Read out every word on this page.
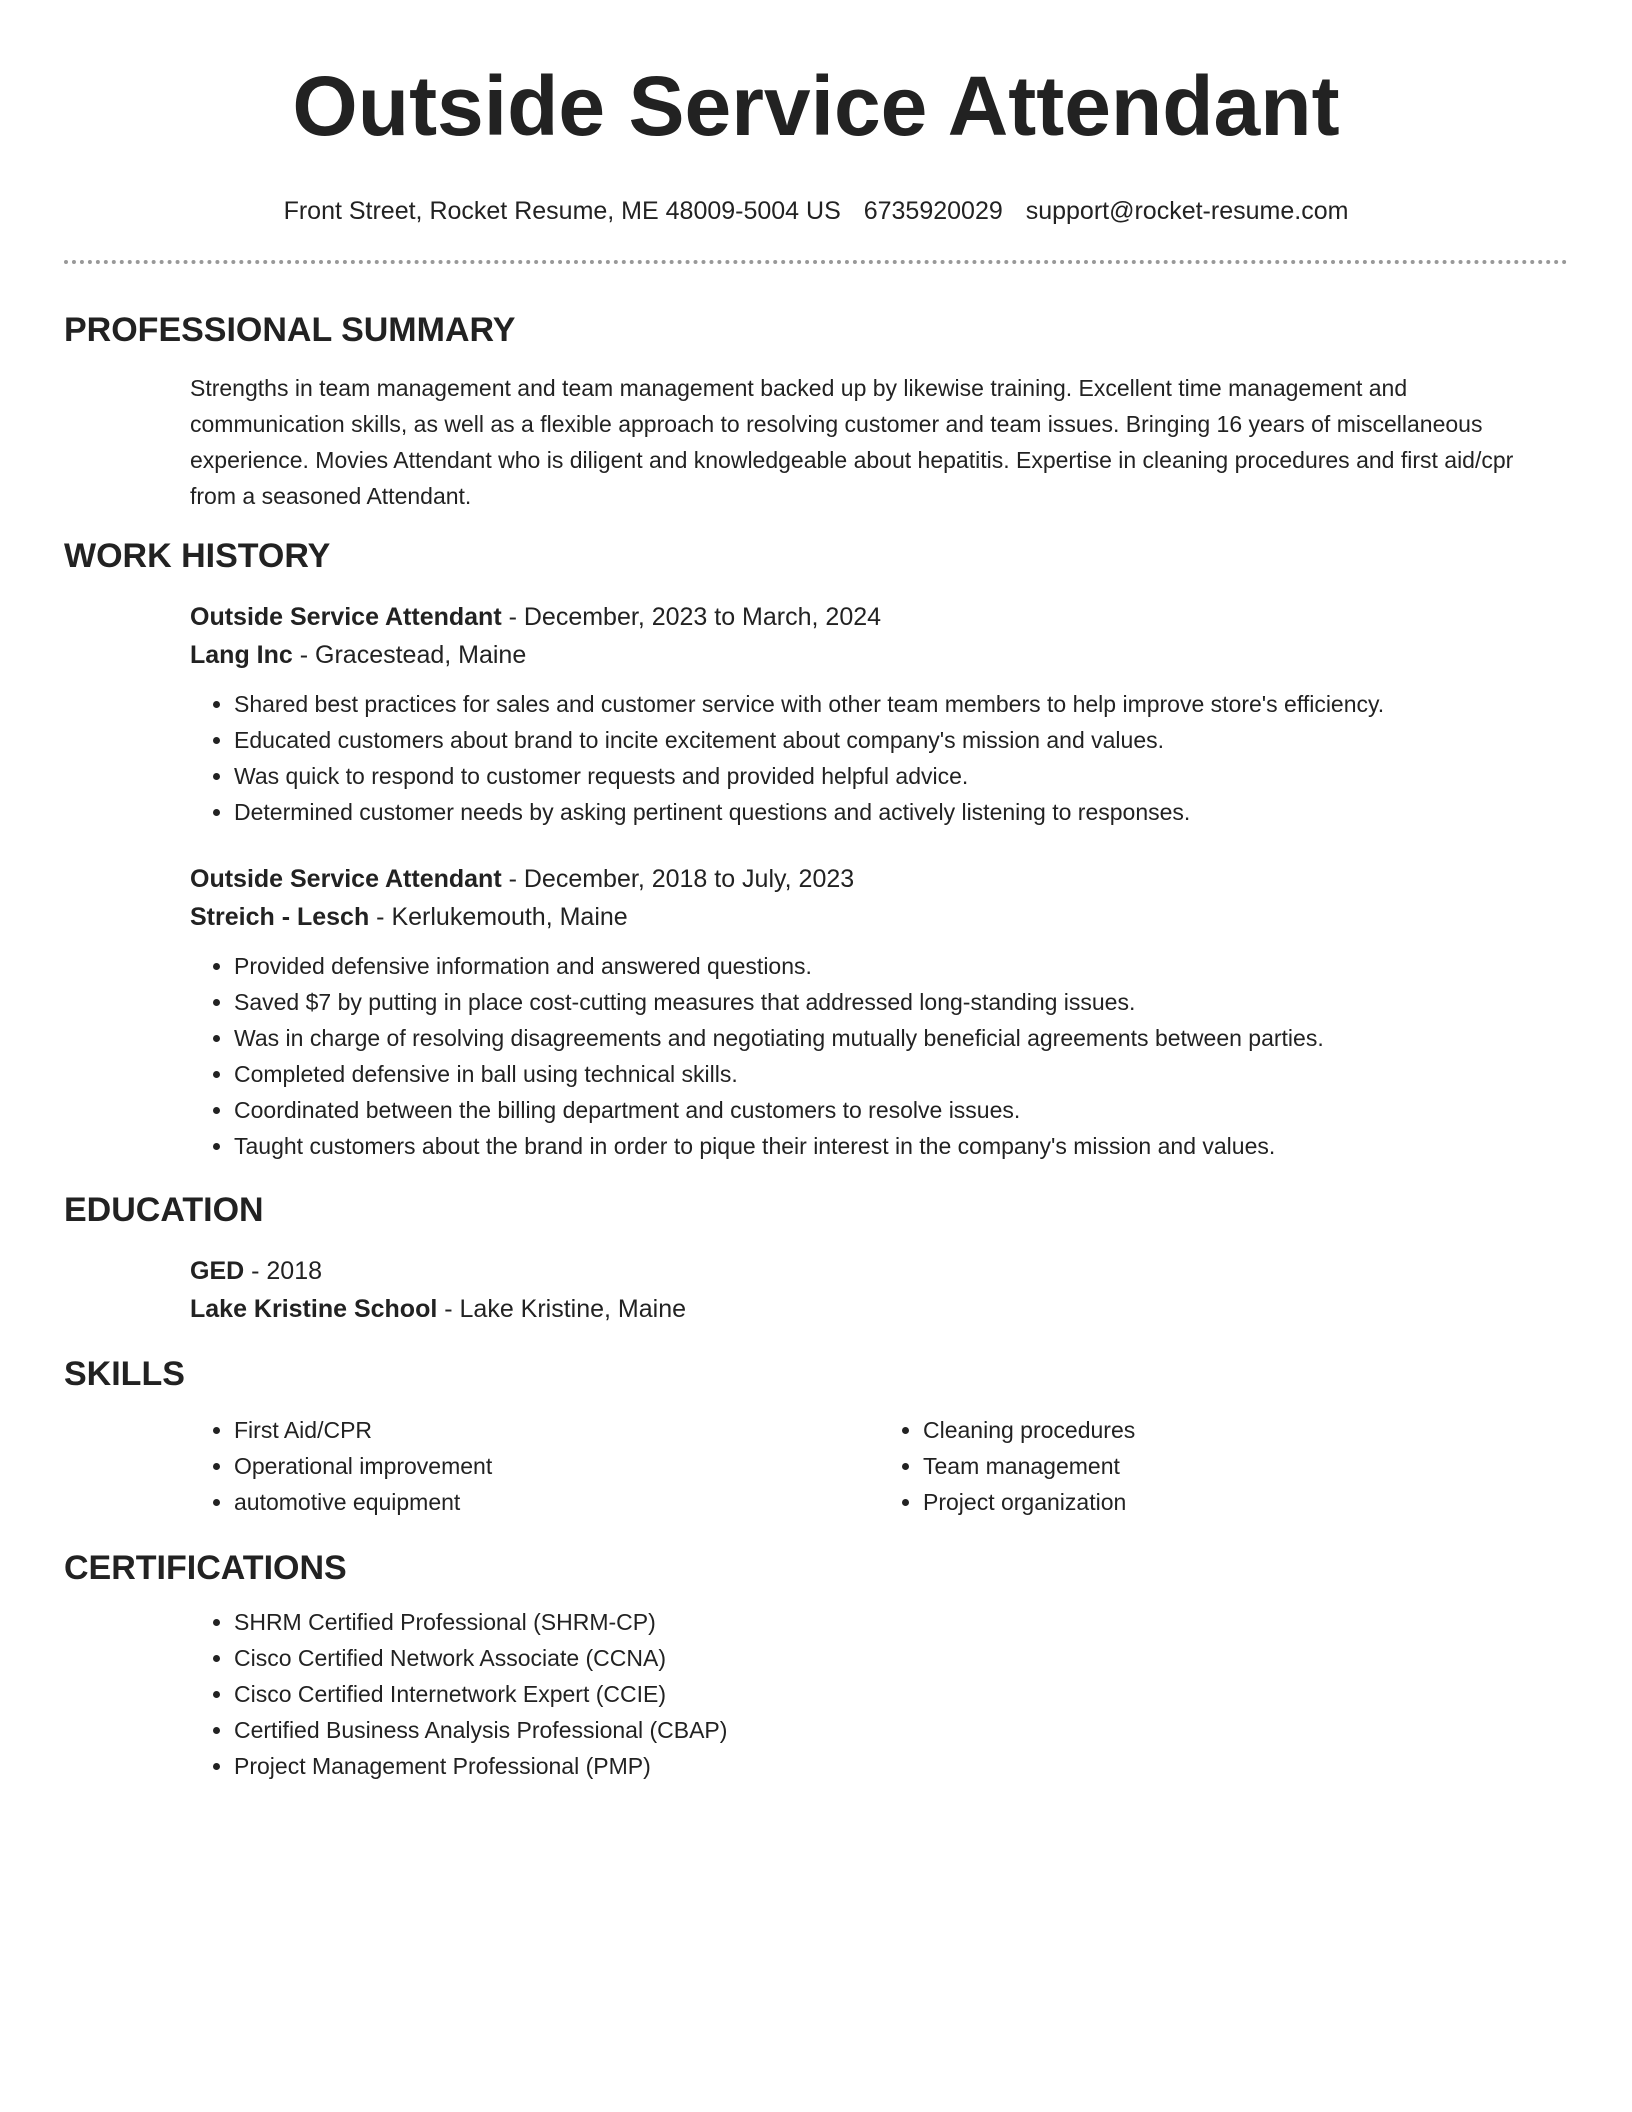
Outside Service Attendant
Front Street, Rocket Resume, ME 48009-5004 US 6735920029 support@rocket-resume.com
PROFESSIONAL SUMMARY
Strengths in team management and team management backed up by likewise training. Excellent time management and communication skills, as well as a flexible approach to resolving customer and team issues. Bringing 16 years of miscellaneous experience. Movies Attendant who is diligent and knowledgeable about hepatitis. Expertise in cleaning procedures and first aid/cpr from a seasoned Attendant.
WORK HISTORY
Outside Service Attendant - December, 2023 to March, 2024
Lang Inc - Gracestead, Maine
• Shared best practices for sales and customer service with other team members to help improve store's efficiency.
• Educated customers about brand to incite excitement about company's mission and values.
• Was quick to respond to customer requests and provided helpful advice.
• Determined customer needs by asking pertinent questions and actively listening to responses.
Outside Service Attendant - December, 2018 to July, 2023
Streich - Lesch - Kerlukemouth, Maine
• Provided defensive information and answered questions.
• Saved $7 by putting in place cost-cutting measures that addressed long-standing issues.
• Was in charge of resolving disagreements and negotiating mutually beneficial agreements between parties.
• Completed defensive in ball using technical skills.
• Coordinated between the billing department and customers to resolve issues.
• Taught customers about the brand in order to pique their interest in the company's mission and values.
EDUCATION
GED - 2018
Lake Kristine School - Lake Kristine, Maine
SKILLS
• First Aid/CPR
• Operational improvement
• automotive equipment
• Cleaning procedures
• Team management
• Project organization
CERTIFICATIONS
• SHRM Certified Professional (SHRM-CP)
• Cisco Certified Network Associate (CCNA)
• Cisco Certified Internetwork Expert (CCIE)
• Certified Business Analysis Professional (CBAP)
• Project Management Professional (PMP)
